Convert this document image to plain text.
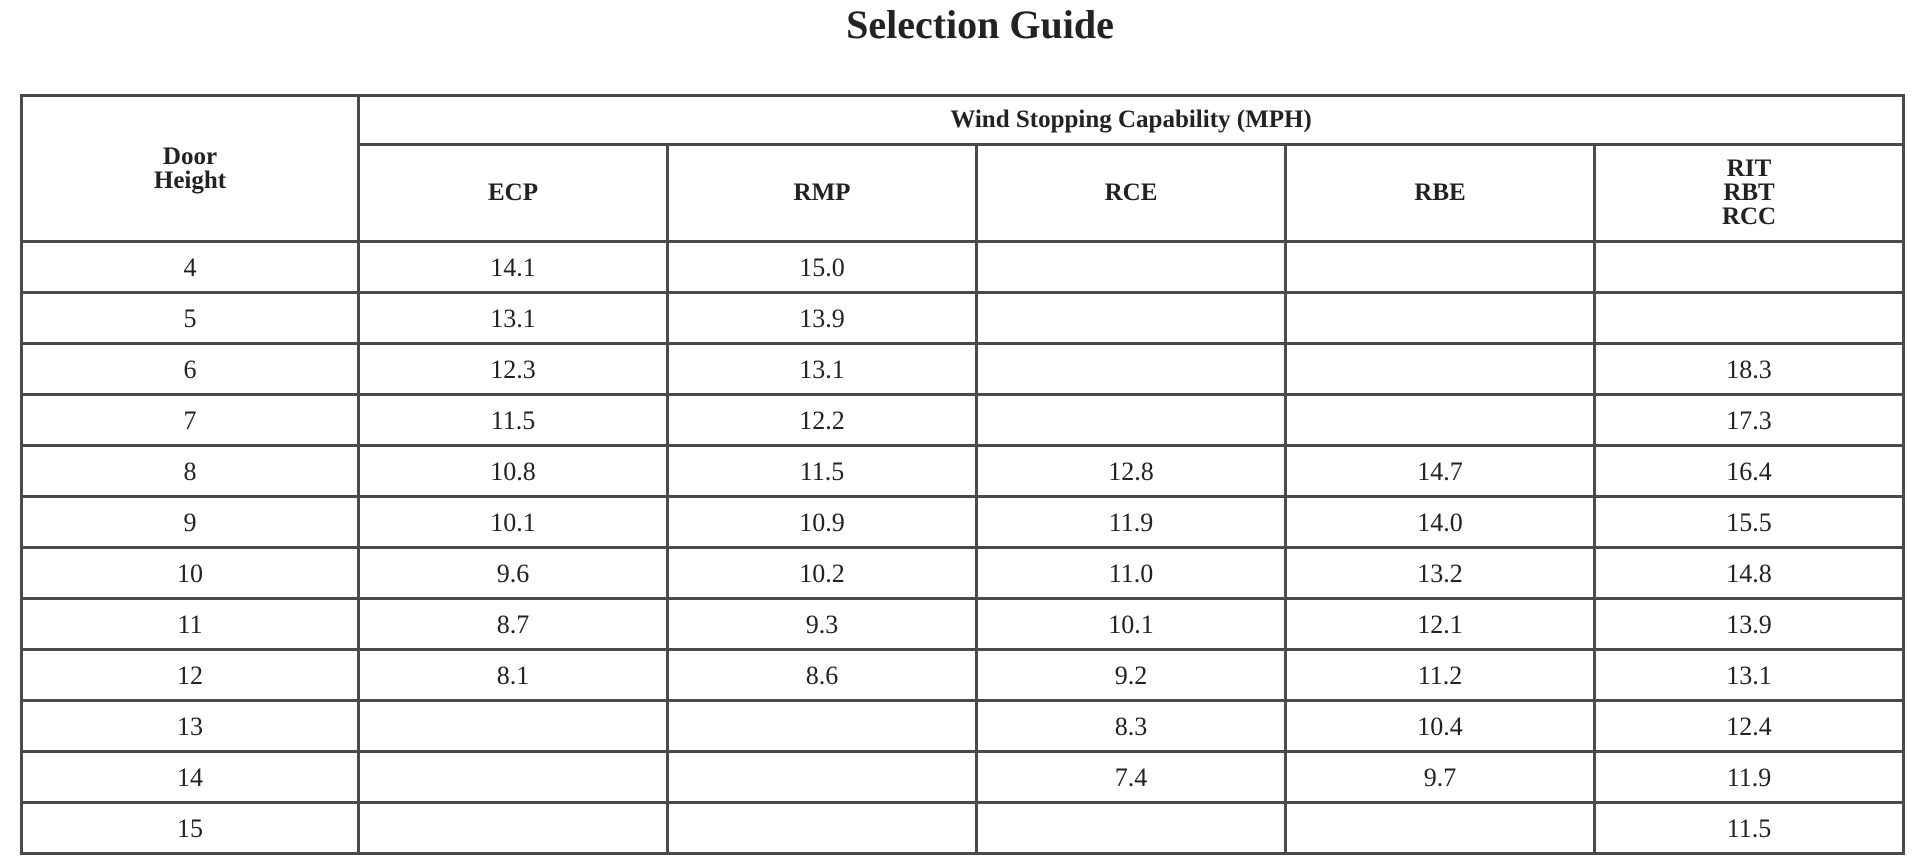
Selection Guide
Door
Height	Wind Stopping Capability (MPH)				

	ECP	RMP	RCE	RBE	RIT
RBT
RCC

4	14.1	15.0			
5	13.1	13.9			
6	12.3	13.1			18.3
7	11.5	12.2			17.3
8	10.8	11.5	12.8	14.7	16.4
9	10.1	10.9	11.9	14.0	15.5
10	9.6	10.2	11.0	13.2	14.8
11	8.7	9.3	10.1	12.1	13.9
12	8.1	8.6	9.2	11.2	13.1
13			8.3	10.4	12.4
14			7.4	9.7	11.9
15					11.5
